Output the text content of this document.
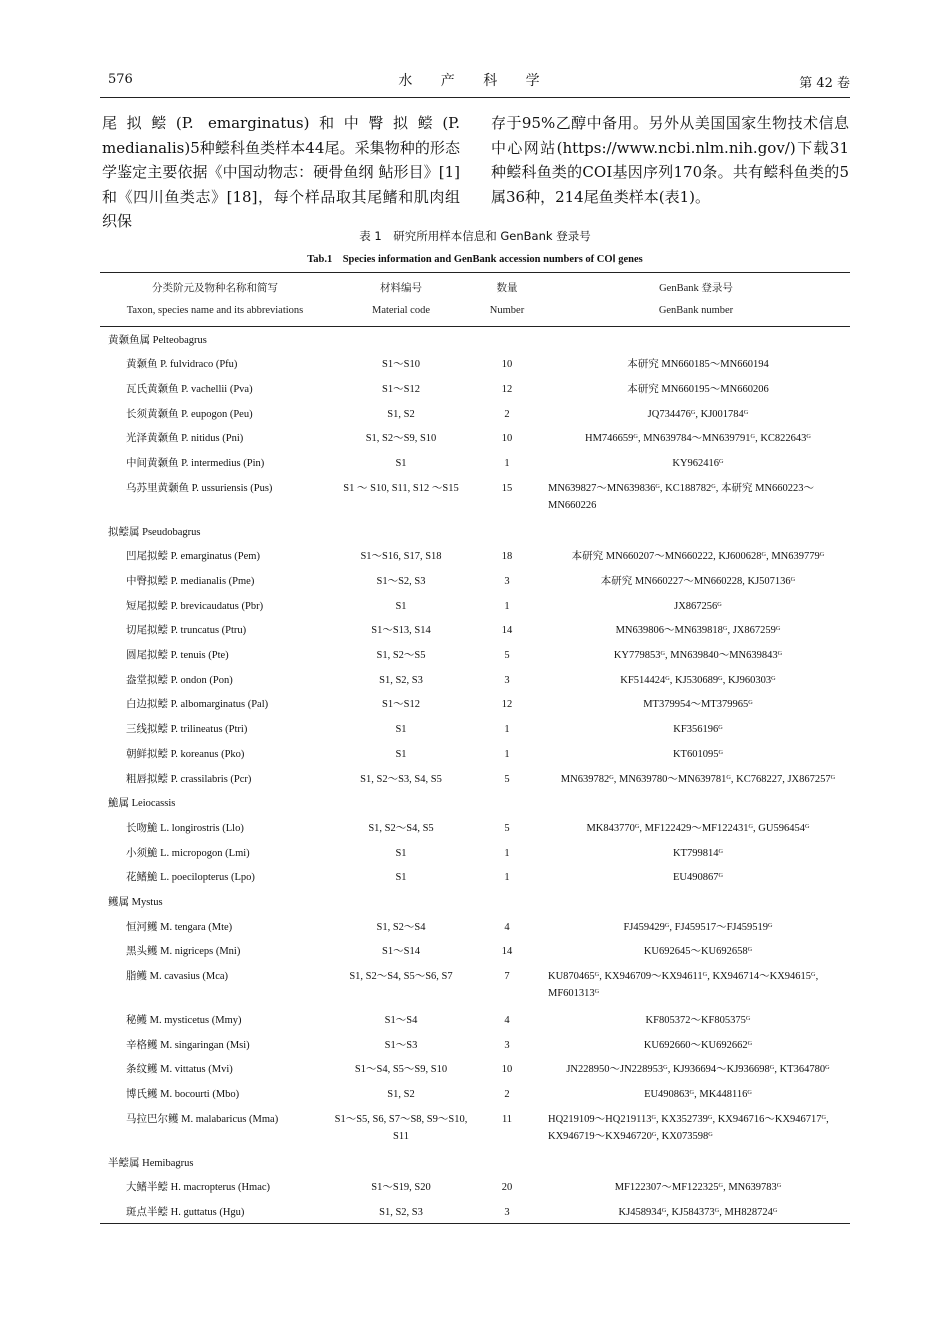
576	水 产 科 学	第 42 卷
尾拟鲿(P. emarginatus)和中臀拟鲿(P. medianalis)5种鲿科鱼类样本44尾。采集物种的形态学鉴定主要依据《中国动物志：硬骨鱼纲 鲇形目》[1]和《四川鱼类志》[18]，每个样品取其尾鳍和肌肉组织保
存于95%乙醇中备用。另外从美国国家生物技术信息中心网站(https://www.ncbi.nlm.nih.gov/)下载31种鲿科鱼类的COⅠ基因序列170条。共有鲿科鱼类的5属36种，214尾鱼类样本(表1)。
表 1　研究所用样本信息和 GenBank 登录号
Tab.1　Species information and GenBank accession numbers of COⅠ genes
分类阶元及物种名称和简写	材料编号	数量	GenBank 登录号
Taxon, species name and its abbreviations	Material code	Number	GenBank number
黄颡鱼属 Pelteobagrus			
黄颡鱼 P. fulvidraco (Pfu)	S1～S10	10	本研究 MN660185～MN660194
瓦氏黄颡鱼 P. vachellii (Pva)	S1～S12	12	本研究 MN660195～MN660206
长须黄颡鱼 P. eupogon (Peu)	S1, S2	2	JQ734476ᴳ, KJ001784ᴳ
光泽黄颡鱼 P. nitidus (Pni)	S1, S2～S9, S10	10	HM746659ᴳ, MN639784～MN639791ᴳ, KC822643ᴳ
中间黄颡鱼 P. intermedius (Pin)	S1	1	KY962416ᴳ
乌苏里黄颡鱼 P. ussuriensis (Pus)	S1 ～ S10, S11, S12 ～S15	15	MN639827～MN639836ᴳ, KC188782ᴳ, 本研究 MN660223～MN660226
拟鲿属 Pseudobagrus			
凹尾拟鲿 P. emarginatus (Pem)	S1～S16, S17, S18	18	本研究 MN660207～MN660222, KJ600628ᴳ, MN639779ᴳ
中臀拟鲿 P. medianalis (Pme)	S1～S2, S3	3	本研究 MN660227～MN660228, KJ507136ᴳ
短尾拟鲿 P. brevicaudatus (Pbr)	S1	1	JX867256ᴳ
切尾拟鲿 P. truncatus (Ptru)	S1～S13, S14	14	MN639806～MN639818ᴳ, JX867259ᴳ
圆尾拟鲿 P. tenuis (Pte)	S1, S2～S5	5	KY779853ᴳ, MN639840～MN639843ᴳ
盎堂拟鲿 P. ondon (Pon)	S1, S2, S3	3	KF514424ᴳ, KJ530689ᴳ, KJ960303ᴳ
白边拟鲿 P. albomarginatus (Pal)	S1～S12	12	MT379954～MT379965ᴳ
三线拟鲿 P. trilineatus (Ptri)	S1	1	KF356196ᴳ
朝鲜拟鲿 P. koreanus (Pko)	S1	1	KT601095ᴳ
粗唇拟鲿 P. crassilabris (Pcr)	S1, S2～S3, S4, S5	5	MN639782ᴳ, MN639780～MN639781ᴳ, KC768227, JX867257ᴳ
鮠属 Leiocassis			
长吻鮠 L. longirostris (Llo)	S1, S2～S4, S5	5	MK843770ᴳ, MF122429～MF122431ᴳ, GU596454ᴳ
小须鮠 L. micropogon (Lmi)	S1	1	KT799814ᴳ
花鳍鮠 L. poecilopterus (Lpo)	S1	1	EU490867ᴳ
鳠属 Mystus			
恒河鳠 M. tengara (Mte)	S1, S2～S4	4	FJ459429ᴳ, FJ459517～FJ459519ᴳ
黑头鳠 M. nigriceps (Mni)	S1～S14	14	KU692645～KU692658ᴳ
脂鳠 M. cavasius (Mca)	S1, S2～S4, S5～S6, S7	7	KU870465ᴳ, KX946709～KX94611ᴳ, KX946714～KX94615ᴳ, MF601313ᴳ
秘鳠 M. mysticetus (Mmy)	S1～S4	4	KF805372～KF805375ᴳ
辛格鳠 M. singaringan (Msi)	S1～S3	3	KU692660～KU692662ᴳ
条纹鳠 M. vittatus (Mvi)	S1～S4, S5～S9, S10	10	JN228950～JN228953ᴳ, KJ936694～KJ936698ᴳ, KT364780ᴳ
博氏鳠 M. bocourti (Mbo)	S1, S2	2	EU490863ᴳ, MK448116ᴳ
马拉巴尔鳠 M. malabaricus (Mma)	S1～S5, S6, S7～S8, S9～S10, S11	11	HQ219109～HQ219113ᴳ, KX352739ᴳ, KX946716～KX946717ᴳ, KX946719～KX946720ᴳ, KX073598ᴳ
半鲿属 Hemibagrus			
大鳍半鲿 H. macropterus (Hmac)	S1～S19, S20	20	MF122307～MF122325ᴳ, MN639783ᴳ
斑点半鲿 H. guttatus (Hgu)	S1, S2, S3	3	KJ458934ᴳ, KJ584373ᴳ, MH828724ᴳ
